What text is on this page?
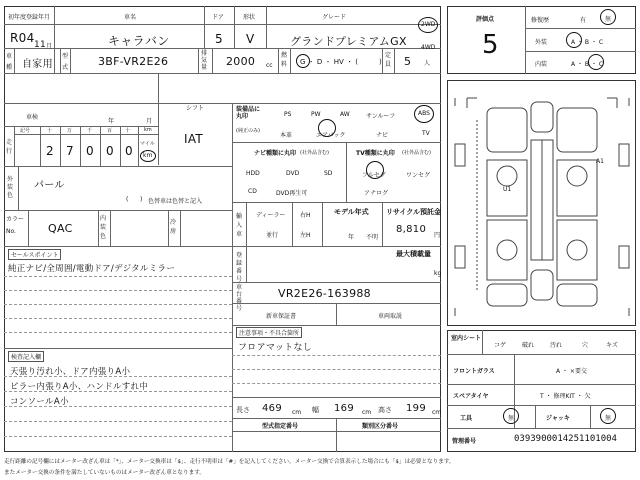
初年度登録年月
R04 11 月
車名
キャラバン
ドア
5
形状
V
グレード
グランドプレミアムGX
2WD
4WD
車
種 自家用
型
式	3BF-VR2E26
排気量	2000 cc
燃料 G ・ D ・ HV ・ (　　　)
定員 5 人
シフト
車検
年	月
走行
記号	十	万	千	百	十	km
2 7 0 0 0 マイル
km
IAT
外装色
パール
( ) 色替車は色替と記入
カラーNo.	QAC
内装色
冷房
セールスポイント
純正ナビ/全周囲/電動ドア/デジタルミラー
検査記入欄
天張り汚れ小、ドア内張りA小
ピラー内張りA小、ハンドルすれ中
コンソールA小
装備品に丸印
(純正のみ)
PS	PW	AW	サンルーフ	ABS
本革	エアバック	ナビ	TV
ナビ種類に丸印 (社外品含む)
HDD	DVD	SD
CD	DVD再生可
TV種類に丸印 (社外品含む)
フルセグ	ワンセグ
アナログ
輸入車
ディーラー
並行
右H
左H
モデル年式
年 不明
リサイクル預託金
8,810
円
登録番号
最大積載量
kg
車台番号
VR2E26-163988
新車保証書	車両取説
注意事項・不具合箇所
フロアマットなし
長さ 469 cm 幅 169 cm 高さ 199 cm
型式指定番号	類別区分番号
評価点
5
修復歴	有	無
外装	A ・ B ・ C
内装	A ・ B ・ C
A1
U1
室内シート
コゲ	破れ	汚れ	穴	キズ
フロントガラス	A ・ ×要交
スペアタイヤ	T ・ 修理KIT ・ 欠
工具	無	ジャッキ	無
管理番号	0393900014251101004
走行距離の記号欄にはメーター改ざん車は「*」、メーター交換車は「$」、走行不明車は「#」を記入してください。メーター交換で合算表示した場合にも「$」は必要となります。
またメーター交換の条件を満たしていないものはメーター改ざん車となります。
